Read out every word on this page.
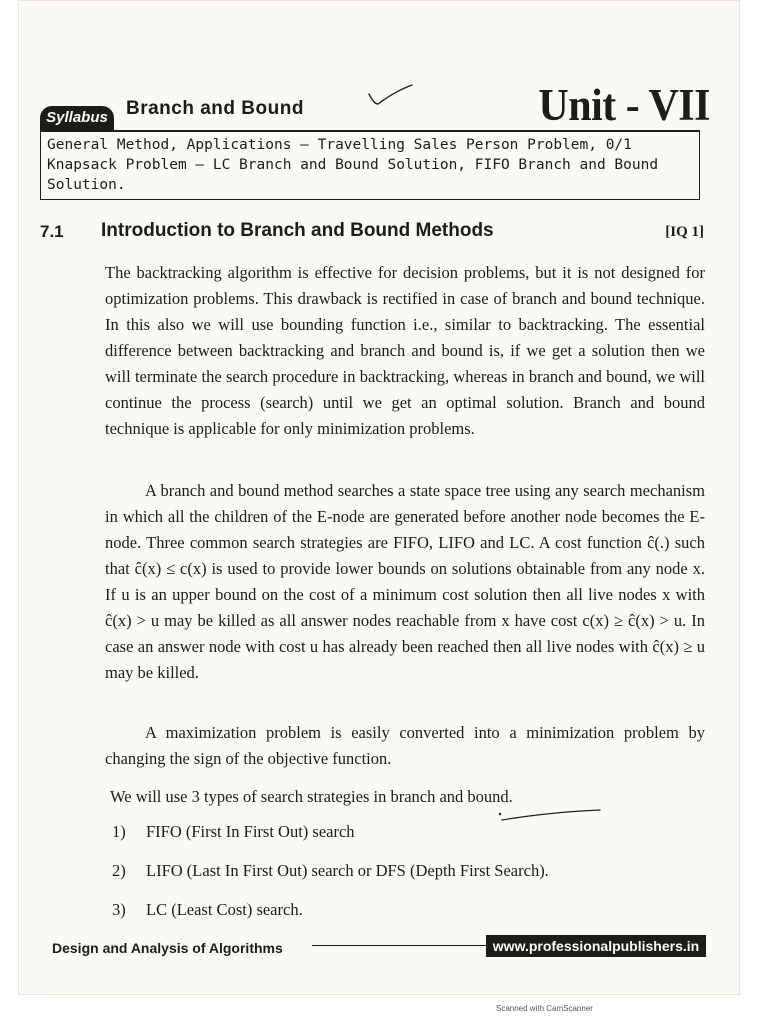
Syllabus Branch and Bound	Unit - VII
General Method, Applications – Travelling Sales Person Problem, 0/1 Knapsack Problem – LC Branch and Bound Solution, FIFO Branch and Bound Solution.
7.1 Introduction to Branch and Bound Methods	[IQ 1]

The backtracking algorithm is effective for decision problems, but it is not designed for optimization problems. This drawback is rectified in case of branch and bound technique. In this also we will use bounding function i.e., similar to backtracking. The essential difference between backtracking and branch and bound is, if we get a solution then we will terminate the search procedure in backtracking, whereas in branch and bound, we will continue the process (search) until we get an optimal solution. Branch and bound technique is applicable for only minimization problems.

A branch and bound method searches a state space tree using any search mechanism in which all the children of the E-node are generated before another node becomes the E-node. Three common search strategies are FIFO, LIFO and LC. A cost function ĉ(.) such that ĉ(x) ≤ c(x) is used to provide lower bounds on solutions obtainable from any node x. If u is an upper bound on the cost of a minimum cost solution then all live nodes x with ĉ(x) > u may be killed as all answer nodes reachable from x have cost c(x) ≥ ĉ(x) > u. In case an answer node with cost u has already been reached then all live nodes with ĉ(x) ≥ u may be killed.

A maximization problem is easily converted into a minimization problem by changing the sign of the objective function.

We will use 3 types of search strategies in branch and bound.

1)	FIFO (First In First Out) search
2)	LIFO (Last In First Out) search or DFS (Depth First Search).
3)	LC (Least Cost) search.
Design and Analysis of Algorithms	www.professionalpublishers.in
Scanned with CamScanner
